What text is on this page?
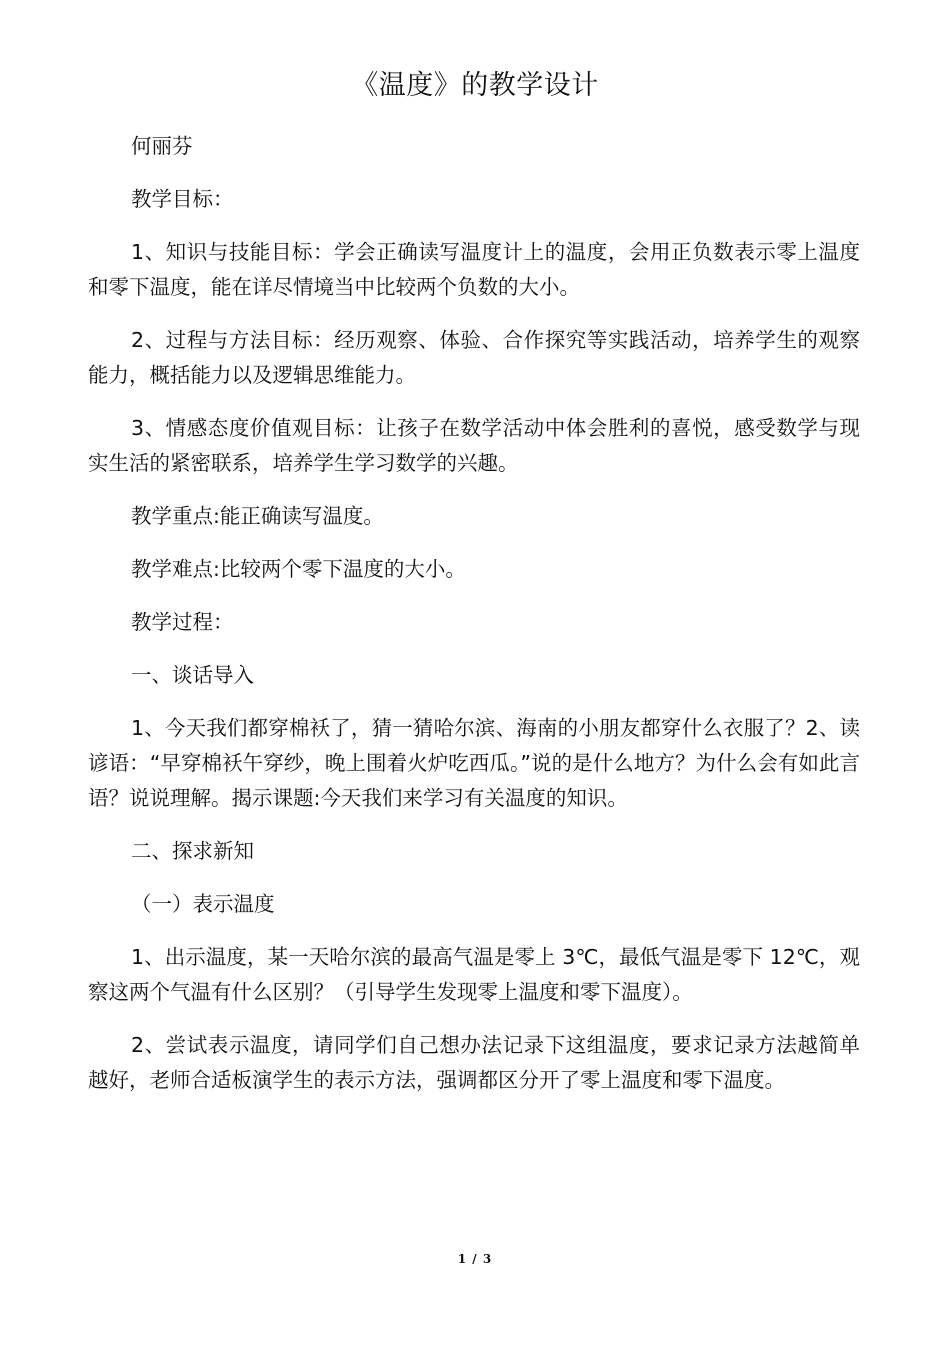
《温度》的教学设计

何丽芬

教学目标：

1、知识与技能目标：学会正确读写温度计上的温度，会用正负数表示零上温度和零下温度，能在详尽情境当中比较两个负数的大小。

2、过程与方法目标：经历观察、体验、合作探究等实践活动，培养学生的观察能力，概括能力以及逻辑思维能力。

3、情感态度价值观目标：让孩子在数学活动中体会胜利的喜悦，感受数学与现实生活的紧密联系，培养学生学习数学的兴趣。

教学重点:能正确读写温度。

教学难点:比较两个零下温度的大小。

教学过程：

一、谈话导入

1、今天我们都穿棉袄了，猜一猜哈尔滨、海南的小朋友都穿什么衣服了？2、读谚语：“早穿棉袄午穿纱，晚上围着火炉吃西瓜。”说的是什么地方？为什么会有如此言语？说说理解。揭示课题:今天我们来学习有关温度的知识。

二、探求新知

（一）表示温度

1、出示温度，某一天哈尔滨的最高气温是零上 3℃，最低气温是零下 12℃，观察这两个气温有什么区别？（引导学生发现零上温度和零下温度）。

2、尝试表示温度，请同学们自己想办法记录下这组温度，要求记录方法越简单越好，老师合适板演学生的表示方法，强调都区分开了零上温度和零下温度。

1 / 3
